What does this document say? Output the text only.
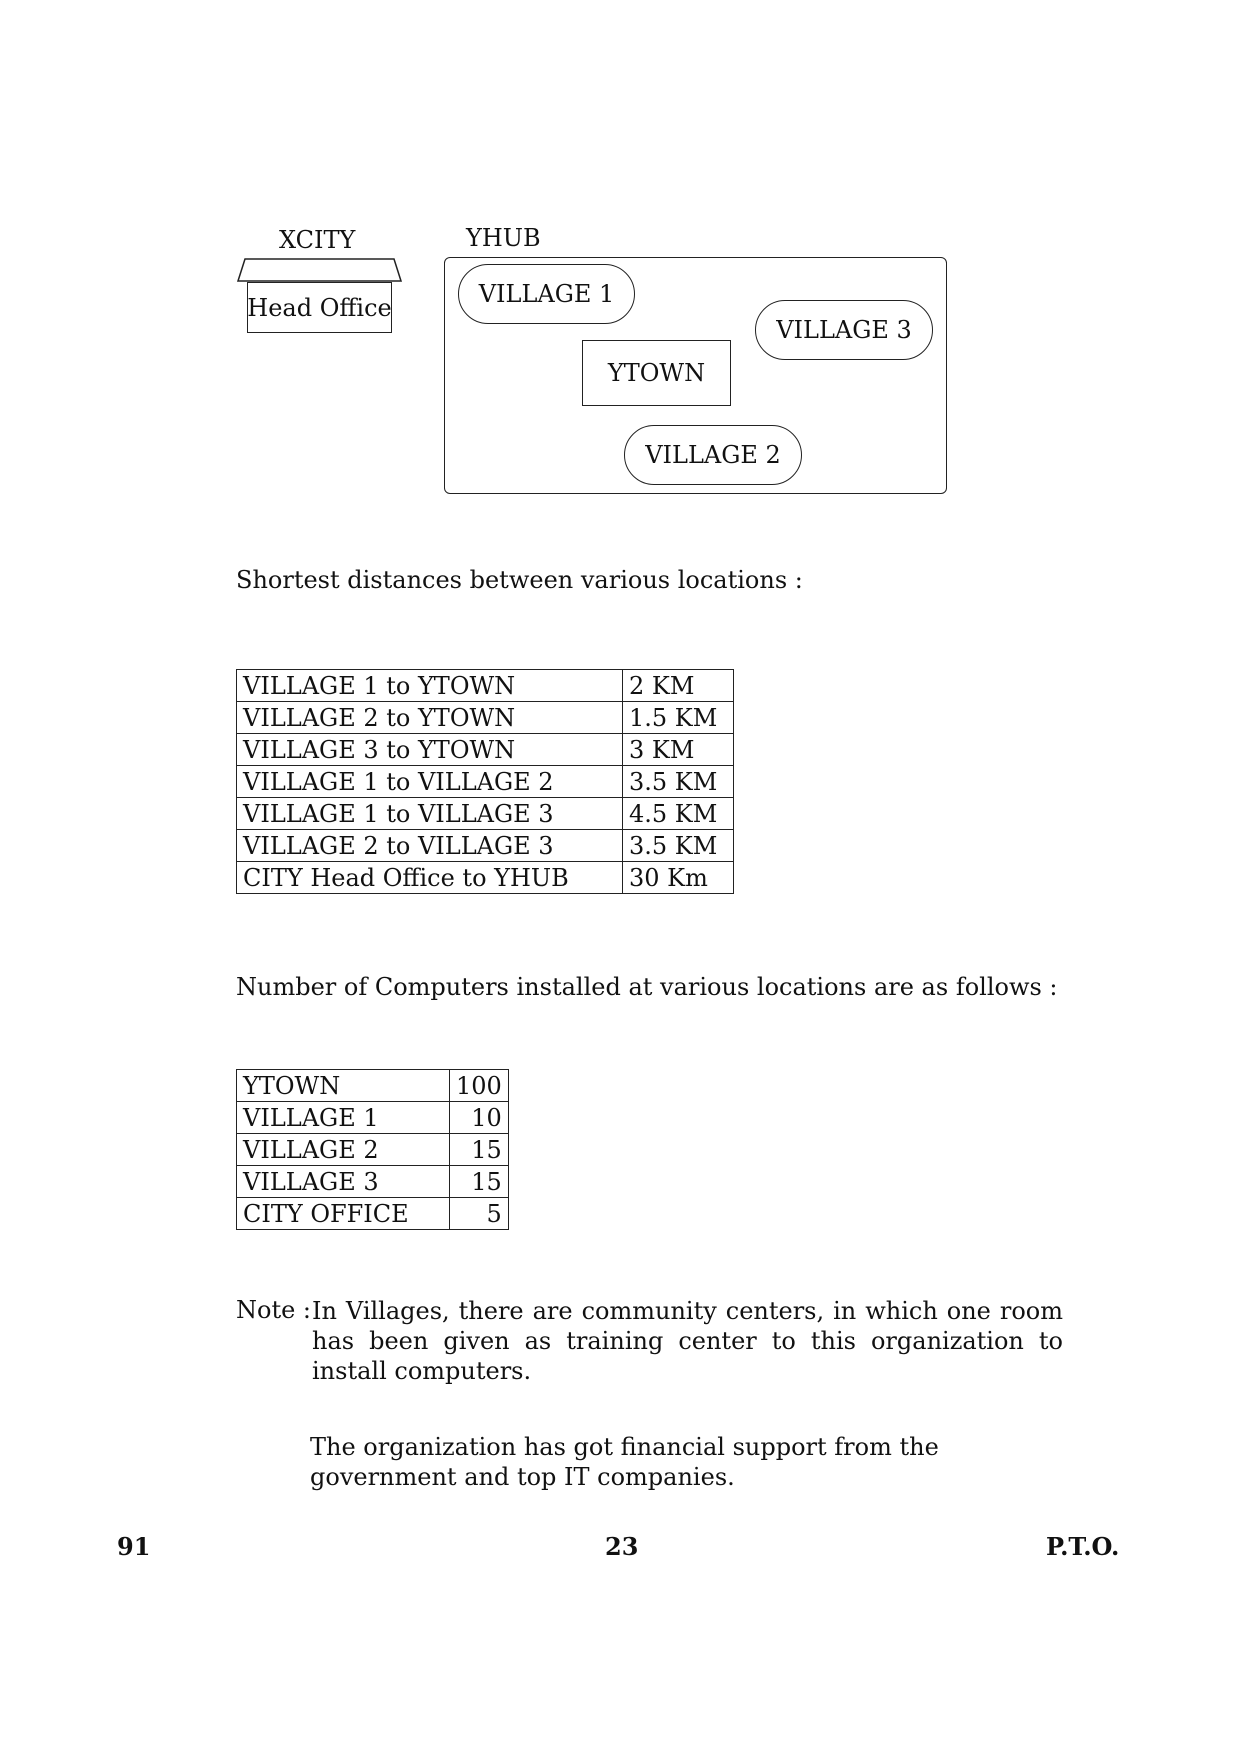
XCITY
Head Office
YHUB
VILLAGE 1
VILLAGE 3
YTOWN
VILLAGE 2
Shortest distances between various locations :
VILLAGE 1 to YTOWN	2 KM
VILLAGE 2 to YTOWN	1.5 KM
VILLAGE 3 to YTOWN	3 KM
VILLAGE 1 to VILLAGE 2	3.5 KM
VILLAGE 1 to VILLAGE 3	4.5 KM
VILLAGE 2 to VILLAGE 3	3.5 KM
CITY Head Office to YHUB	30 Km
Number of Computers installed at various locations are as follows :
YTOWN	100
VILLAGE 1	10
VILLAGE 2	15
VILLAGE 3	15
CITY OFFICE	5
Note : In Villages, there are community centers, in which one room has been given as training center to this organization to install computers.
The organization has got financial support from the government and top IT companies.
91	23	P.T.O.
